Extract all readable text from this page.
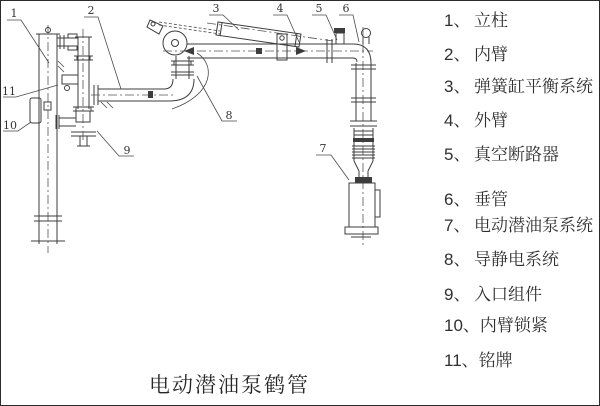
1	2	3	4	5 6
7
8
9
10
11
1、 立柱
2、 内臂
3、 弹簧缸平衡系统
4、 外臂
5、 真空断路器
6、 垂管
7、 电动潜油泵系统
8、 导静电系统
9、 入口组件
10、内臂锁紧
11、铭牌
电动潜油泵鹤管
